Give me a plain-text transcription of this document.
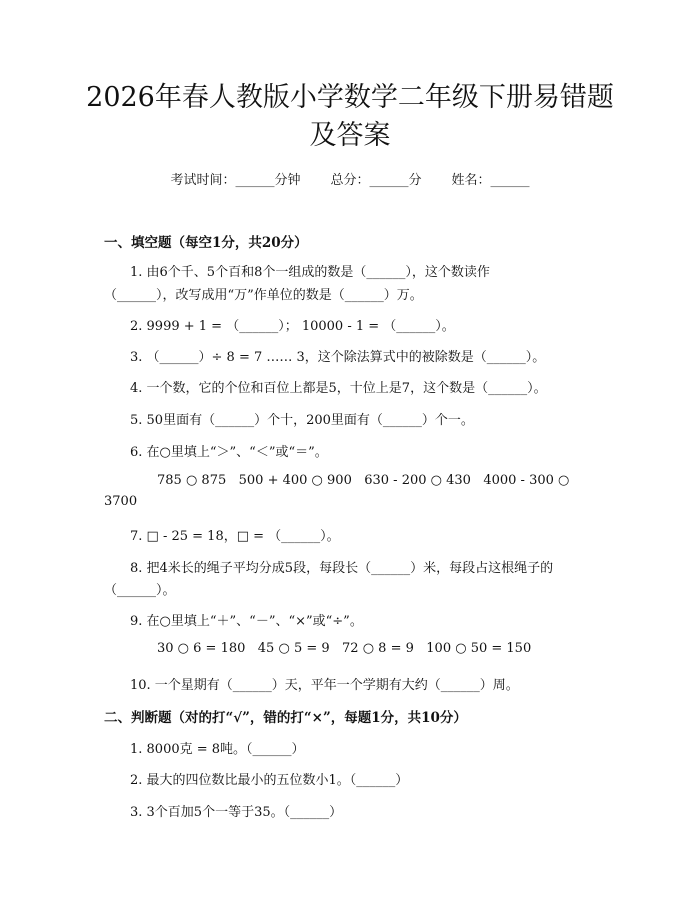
2026年春人教版小学数学二年级下册易错题
及答案
考试时间：______分钟 总分：______分 姓名：______
一、填空题（每空1分，共20分）
1. 由6个千、5个百和8个一组成的数是（______），这个数读作
（______），改写成用“万”作单位的数是（______）万。
2. 9999 + 1 = （______）； 10000 - 1 = （______）。
3. （______）÷ 8 = 7 …… 3，这个除法算式中的被除数是（______）。
4. 一个数，它的个位和百位上都是5，十位上是7，这个数是（______）。
5. 50里面有（______）个十，200里面有（______）个一。
6. 在○里填上“＞”、“＜”或“＝”。
785 ○ 875   500 + 400 ○ 900   630 - 200 ○ 430   4000 - 300 ○
3700
7. □ - 25 = 18，□ = （______）。
8. 把4米长的绳子平均分成5段，每段长（______）米，每段占这根绳子的
（______）。
9. 在○里填上“＋”、“－”、“×”或“÷”。
30 ○ 6 = 180   45 ○ 5 = 9   72 ○ 8 = 9   100 ○ 50 = 150
10. 一个星期有（______）天，平年一个学期有大约（______）周。
二、判断题（对的打“√”，错的打“×”，每题1分，共10分）
1. 8000克 = 8吨。（______）
2. 最大的四位数比最小的五位数小1。（______）
3. 3个百加5个一等于35。（______）
